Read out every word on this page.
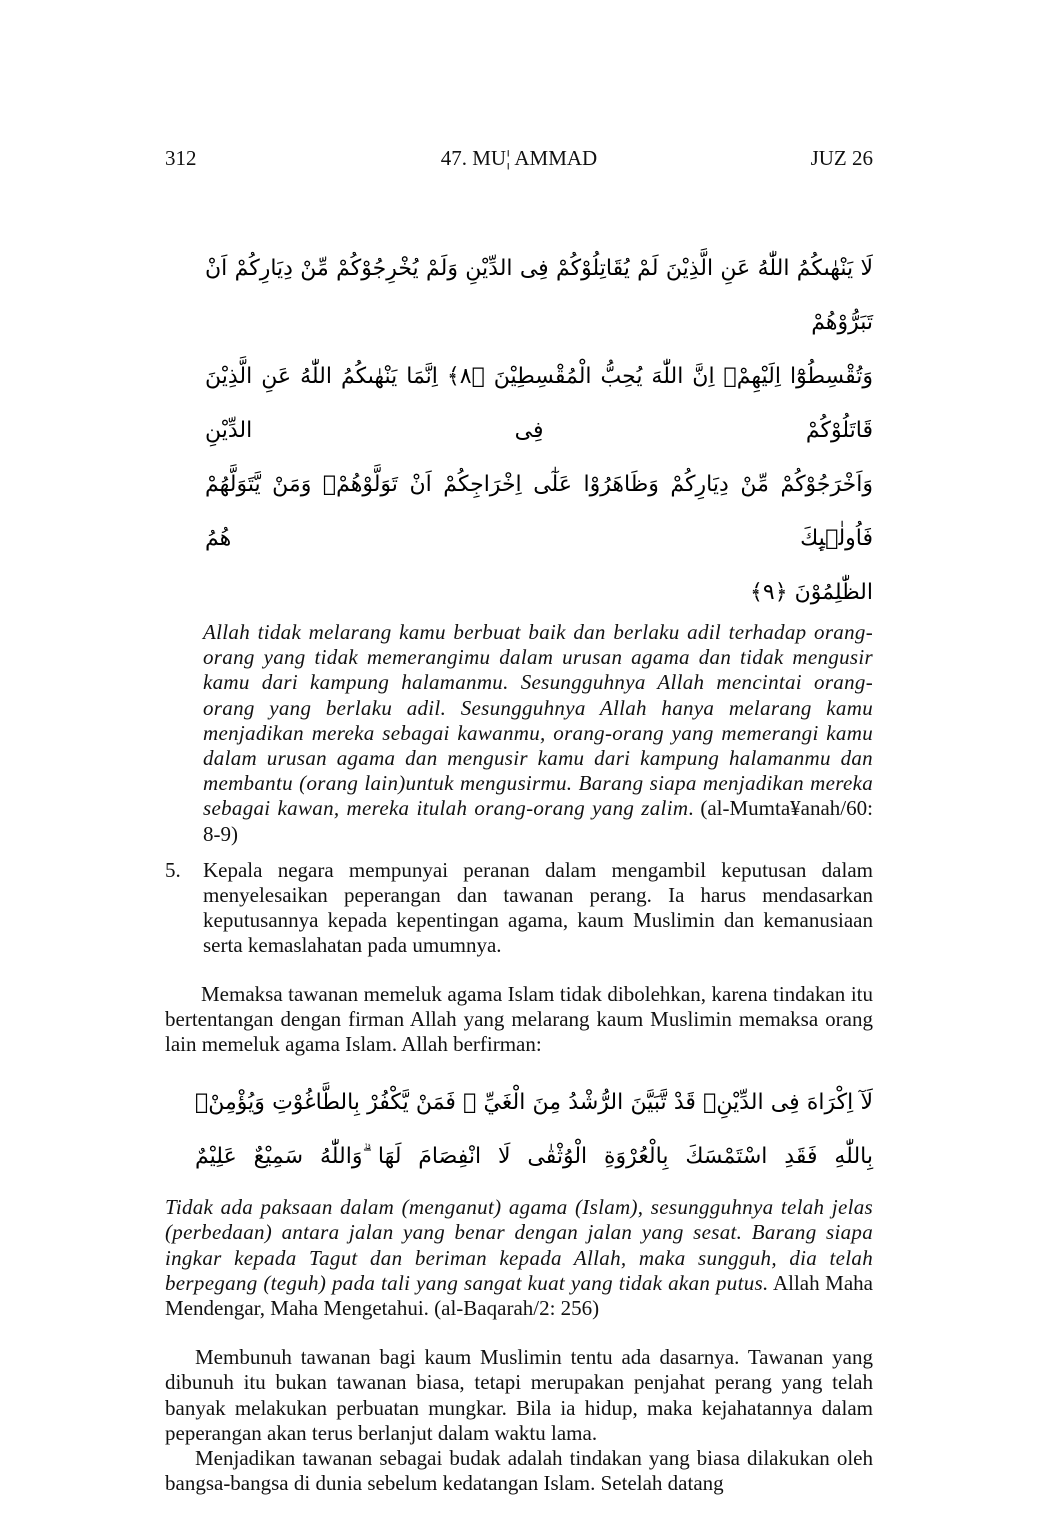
312	47. MU¦ AMMAD	JUZ 26
لَا يَنْهٰىكُمُ اللّٰهُ عَنِ الَّذِيْنَ لَمْ يُقَاتِلُوْكُمْ فِى الدِّيْنِ وَلَمْ يُخْرِجُوْكُمْ مِّنْ دِيَارِكُمْ اَنْ تَبَرُّوْهُمْ
وَتُقْسِطُوْٓا اِلَيْهِمْۗ اِنَّ اللّٰهَ يُحِبُّ الْمُقْسِطِيْنَ ﴿٨﴾ اِنَّمَا يَنْهٰىكُمُ اللّٰهُ عَنِ الَّذِيْنَ قَاتَلُوْكُمْ فِى الدِّيْنِ
وَاَخْرَجُوْكُمْ مِّنْ دِيَارِكُمْ وَظَاهَرُوْا عَلٰٓى اِخْرَاجِكُمْ اَنْ تَوَلَّوْهُمْۚ وَمَنْ يَّتَوَلَّهُمْ فَاُولٰۤىِٕكَ هُمُ
الظّٰلِمُوْنَ ﴿٩﴾
Allah tidak melarang kamu berbuat baik dan berlaku adil terhadap orang-orang yang tidak memerangimu dalam urusan agama dan tidak mengusir kamu dari kampung halamanmu. Sesungguhnya Allah mencintai orang-orang yang berlaku adil. Sesungguhnya Allah hanya melarang kamu menjadikan mereka sebagai kawanmu, orang-orang yang memerangi kamu dalam urusan agama dan mengusir kamu dari kampung halamanmu dan membantu (orang lain)untuk mengusirmu. Barang siapa menjadikan mereka sebagai kawan, mereka itulah orang-orang yang zalim. (al-Mumta¥anah/60: 8-9)
5.	Kepala negara mempunyai peranan dalam mengambil keputusan dalam menyelesaikan peperangan dan tawanan perang. Ia harus mendasarkan keputusannya kepada kepentingan agama, kaum Muslimin dan kemanusiaan serta kemaslahatan pada umumnya.
Memaksa tawanan memeluk agama Islam tidak dibolehkan, karena tindakan itu bertentangan dengan firman Allah yang melarang kaum Muslimin memaksa orang lain memeluk agama Islam. Allah berfirman:
لَآ اِكْرَاهَ فِى الدِّيْنِۗ قَدْ تَّبَيَّنَ الرُّشْدُ مِنَ الْغَيِّ ۚ فَمَنْ يَّكْفُرْ بِالطَّاغُوْتِ وَيُؤْمِنْۢ
بِاللّٰهِ فَقَدِ اسْتَمْسَكَ بِالْعُرْوَةِ الْوُثْقٰى لَا انْفِصَامَ لَهَا ۗوَاللّٰهُ سَمِيْعٌ عَلِيْمٌ
Tidak ada paksaan dalam (menganut) agama (Islam), sesungguhnya telah jelas (perbedaan) antara jalan yang benar dengan jalan yang sesat. Barang siapa ingkar kepada Tagut dan beriman kepada Allah, maka sungguh, dia telah berpegang (teguh) pada tali yang sangat kuat yang tidak akan putus. Allah Maha Mendengar, Maha Mengetahui. (al-Baqarah/2: 256)
Membunuh tawanan bagi kaum Muslimin tentu ada dasarnya. Tawanan yang dibunuh itu bukan tawanan biasa, tetapi merupakan penjahat perang yang telah banyak melakukan perbuatan mungkar. Bila ia hidup, maka kejahatannya dalam peperangan akan terus berlanjut dalam waktu lama.
Menjadikan tawanan sebagai budak adalah tindakan yang biasa dilakukan oleh bangsa-bangsa di dunia sebelum kedatangan Islam. Setelah datang
